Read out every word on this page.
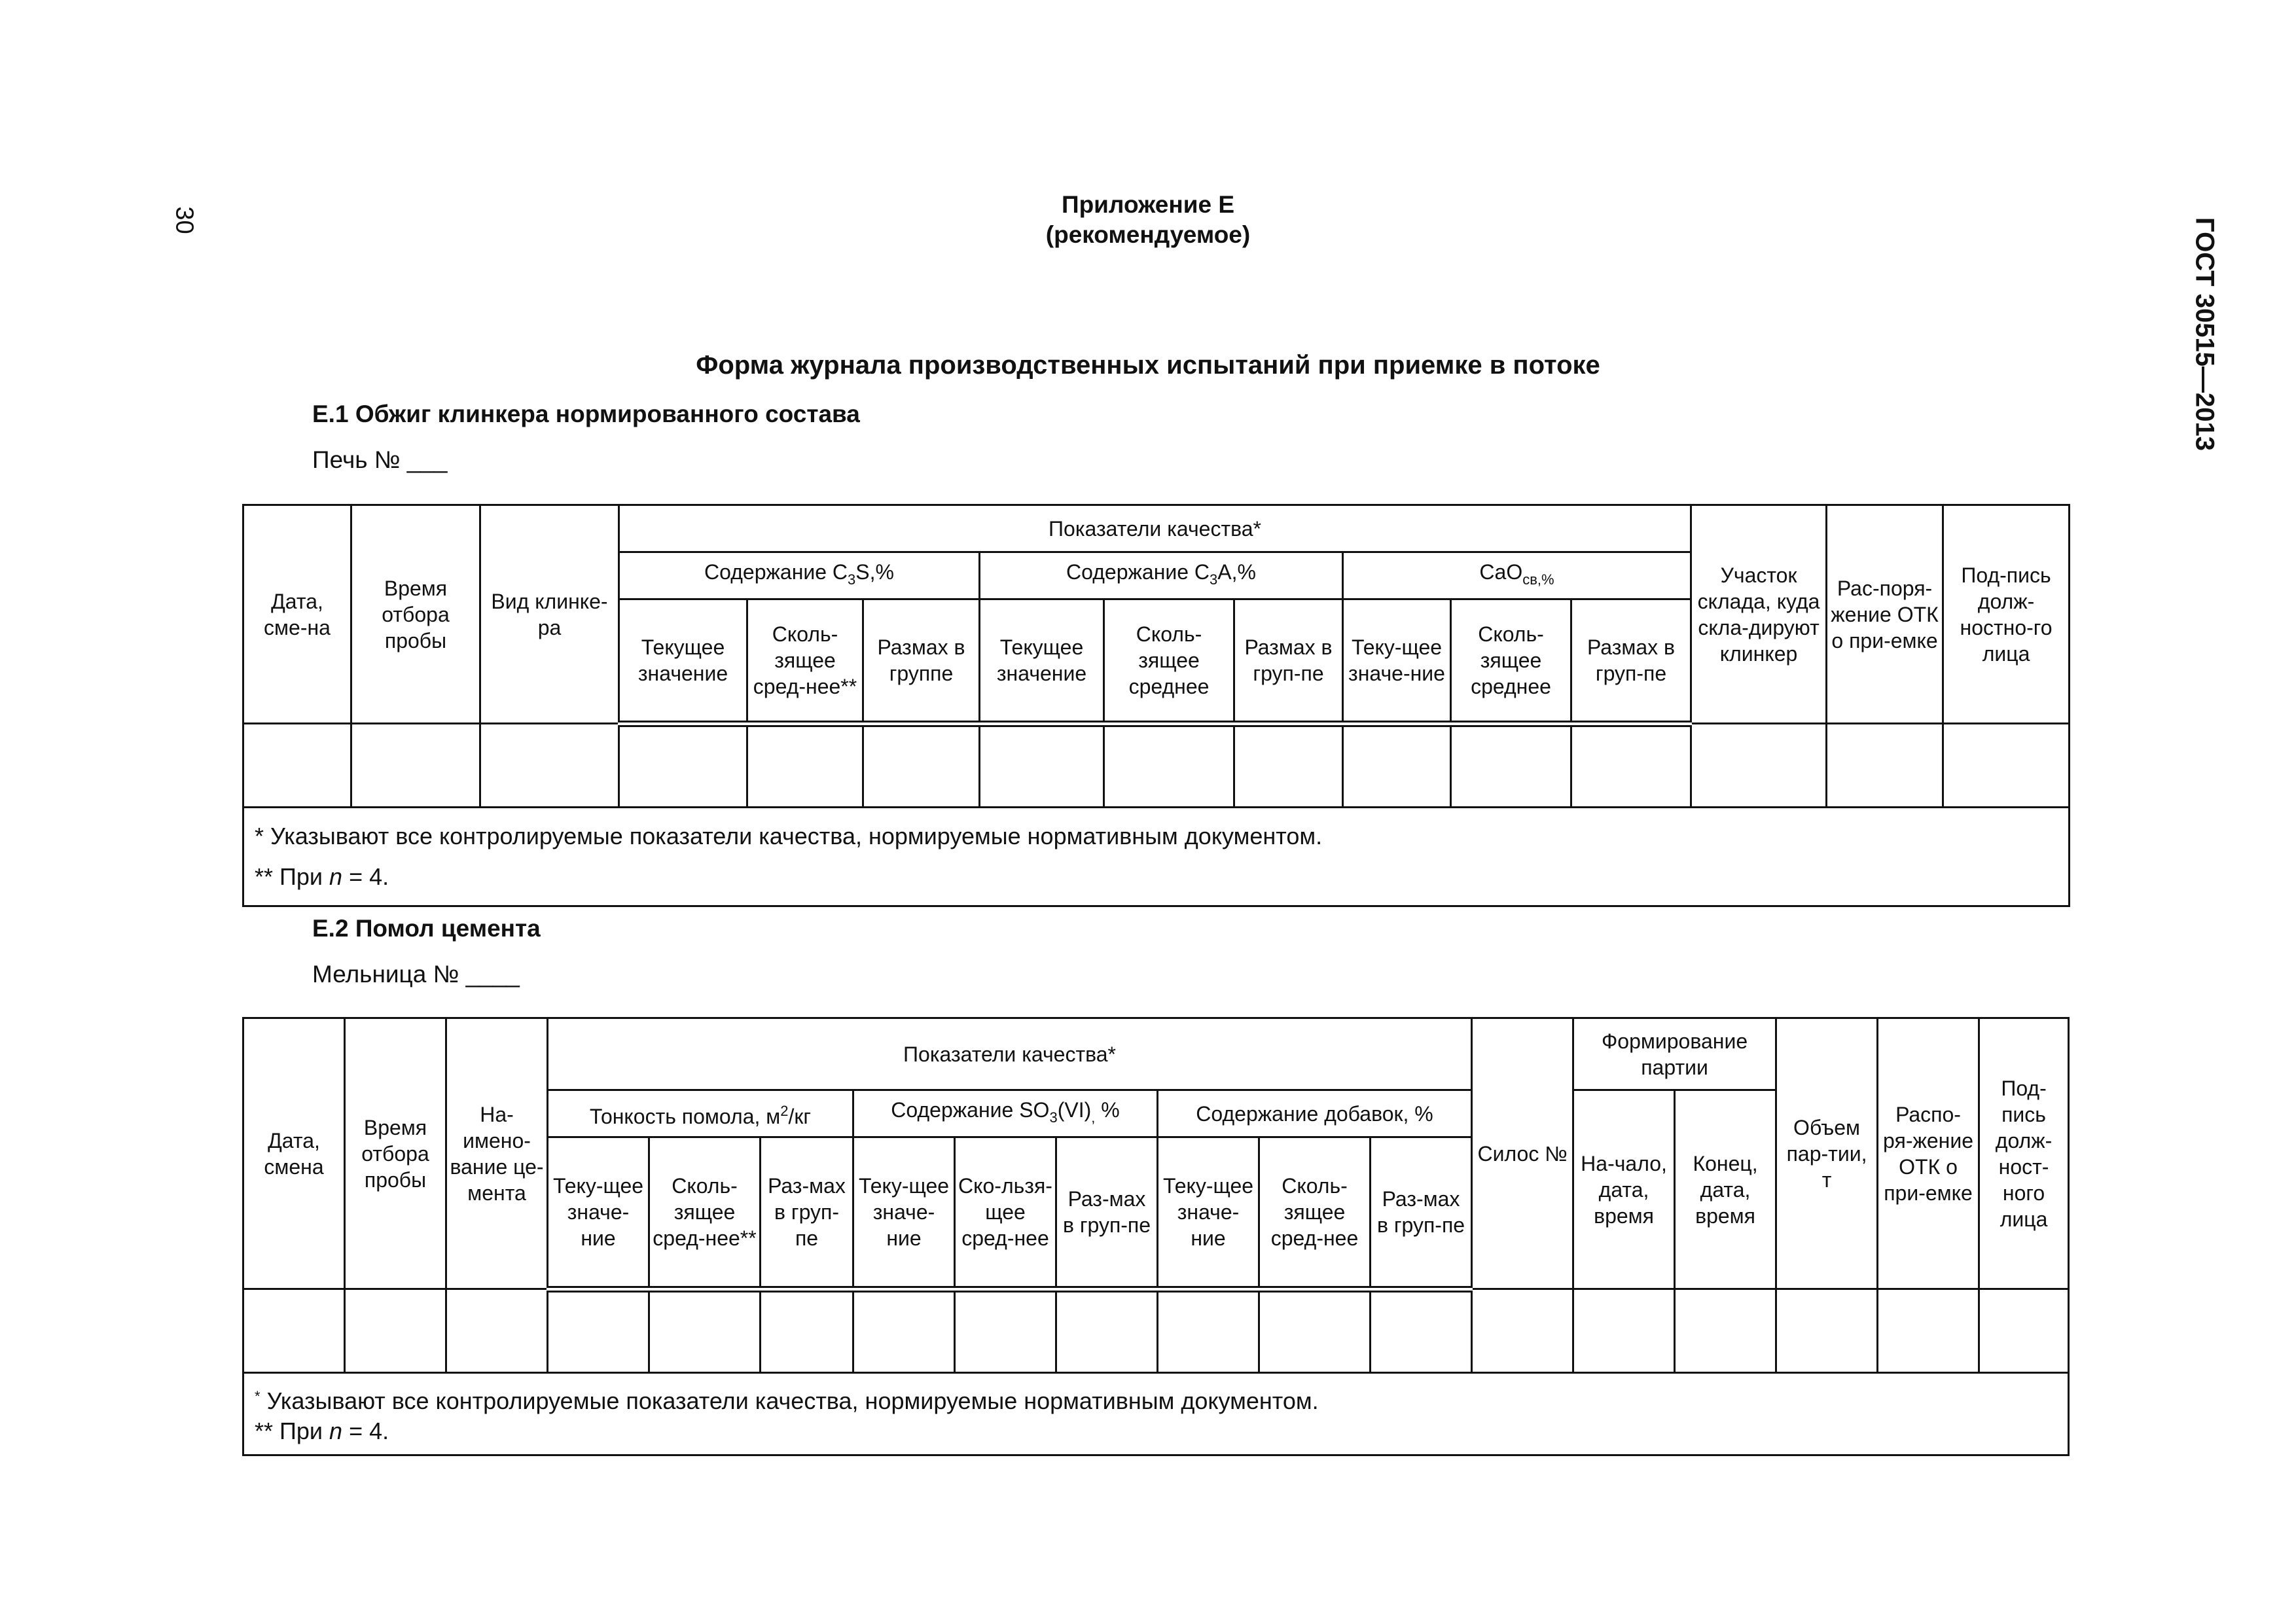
30	ГОСТ 30515—2013
Приложение Е
(рекомендуемое)
Форма журнала производственных испытаний при приемке в потоке
Е.1 Обжиг клинкера нормированного состава
Печь № ___
Дата, сме-на	Время отбора пробы	Вид клинке-ра	Показатели качества*									Участок склада, куда скла-дируют клинкер	Рас-поря-жение ОТК о при-емке	Под-пись долж-ностно-го лица
			Содержание $C_3S,\%$			Содержание $C_3A,\%$			CaO$_{св,\%}$
			Текущее значение	Сколь-зящее сред-нее**	Размах в группе	Текущее значение	Сколь-зящее среднее	Размах в груп-пе	Теку-щее значе-ние	Сколь-зящее среднее	Размах в груп-пе			

* Указывают все контролируемые показатели качества, нормируемые нормативным документом.
** При n = 4.														
Е.2 Помол цемента
Мельница № ____
Дата, смена	Время отбора пробы	На-имено-вание це-мента	Показатели качества*									Силос №	Формирование партии		Объем пар-тии, т	Распо-ря-жение ОТК о при-емке	Под-пись долж-ност-ного лица
			Тонкость помола, $м^2/кг$			Содержание $SO_3(VI)_,$ %			Содержание добавок, %				На-чало, дата, время	Конец, дата, время			
			Теку-щее значе-ние	Сколь-зящее сред-нее**	Раз-мах в груп-пе	Теку-щее значе-ние	Ско-льзя-щее сред-нее	Раз-мах в груп-пе	Теку-щее значе-ние	Сколь-зящее сред-нее	Раз-мах в груп-пе						

* Указывают все контролируемые показатели качества, нормируемые нормативным документом.
** При n = 4.																	
